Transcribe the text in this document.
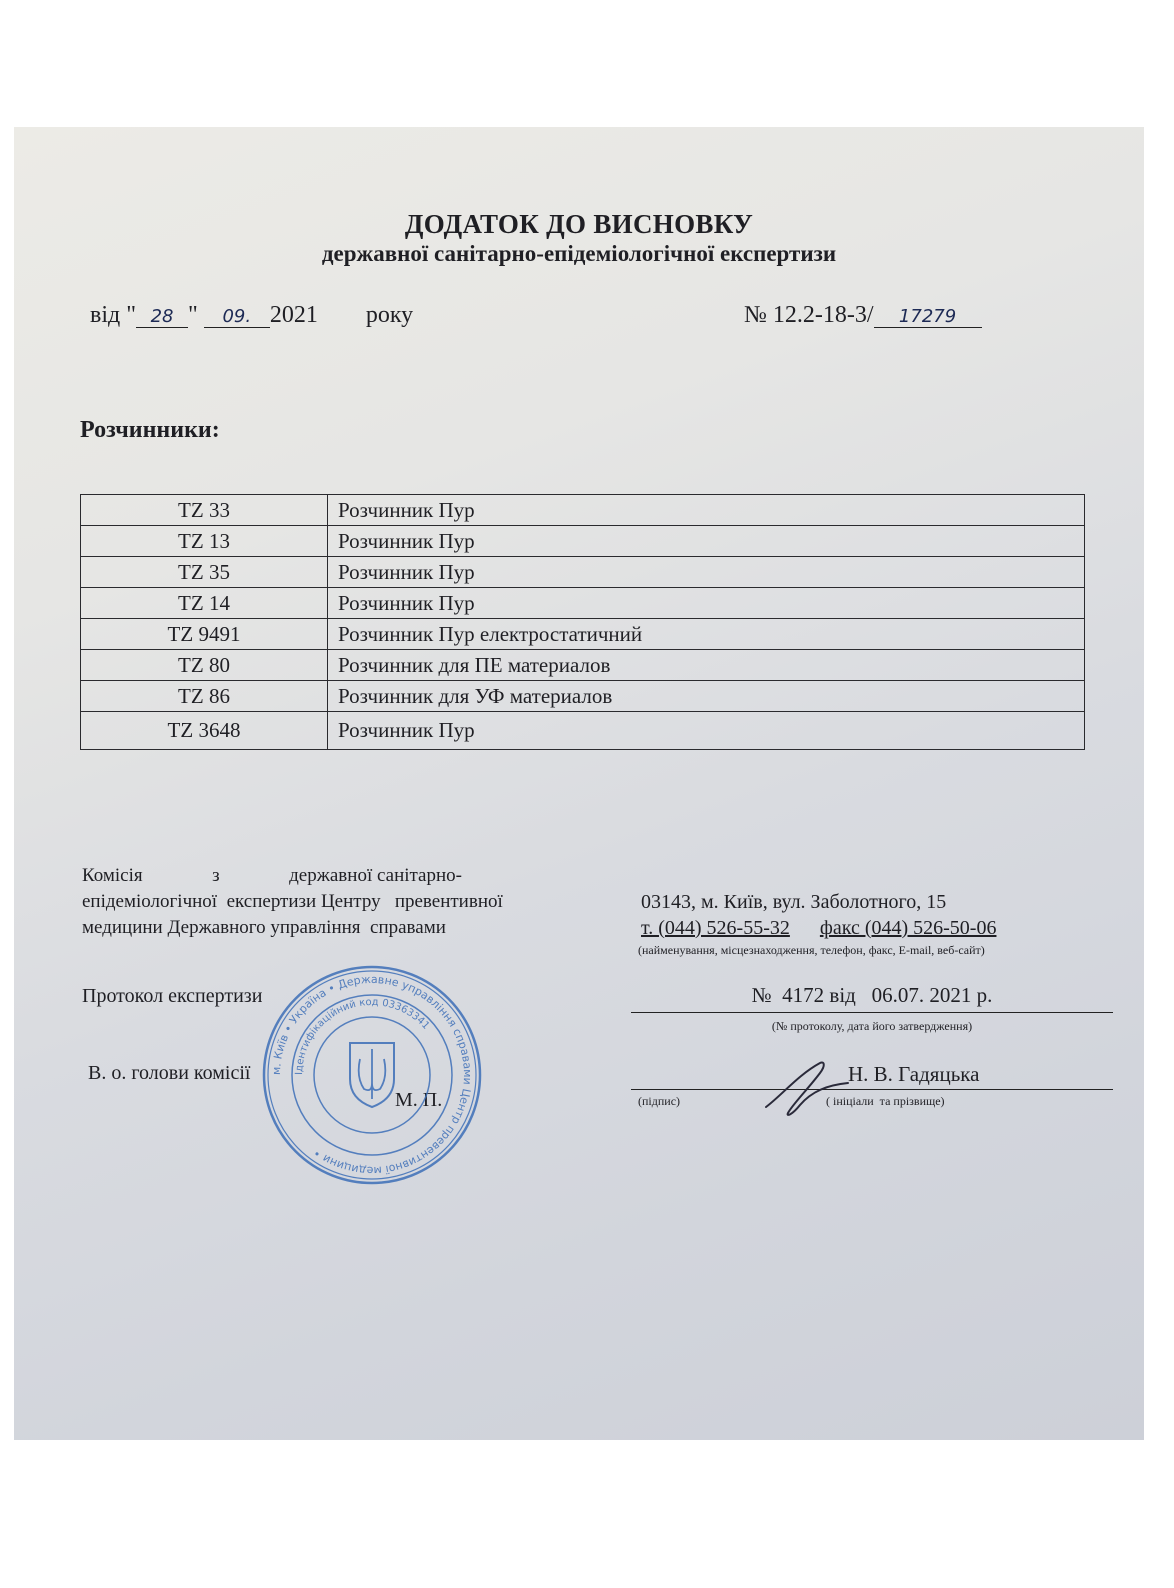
ДОДАТОК ДО ВИСНОВКУ
державної санітарно-епідеміологічної експертизи
від " 28 " 09. 2021 року	№ 12.2-18-3/ 17279
Розчинники:
TZ 33	Розчинник Пур
TZ 13	Розчинник Пур
TZ 35	Розчинник Пур
TZ 14	Розчинник Пур
TZ 9491	Розчинник Пур електростатичний
TZ 80	Розчинник для ПЕ материалов
TZ 86	Розчинник для УФ материалов
TZ 3648	Розчинник Пур
Комісія	з	державної санітарно-
епідеміологічної  експертизи Центру   превентивної
медицини Державного управління  справами
03143, м. Київ, вул. Заболотного, 15
т. (044) 526-55-32 факс (044) 526-50-06
(найменування, місцезнаходження, телефон, факс, E-mail, веб-сайт)
Протокол експертизи	№  4172 від   06.07. 2021 р.
(№ протоколу, дата його затвердження)
В. о. голови комісії
М. П.
Н. В. Гадяцька
(підпис)	( ініціали  та прізвище)
м. Київ • Україна • Державне управління справами Центр превентивної медицини •
Ідентифікаційний код 03363341
